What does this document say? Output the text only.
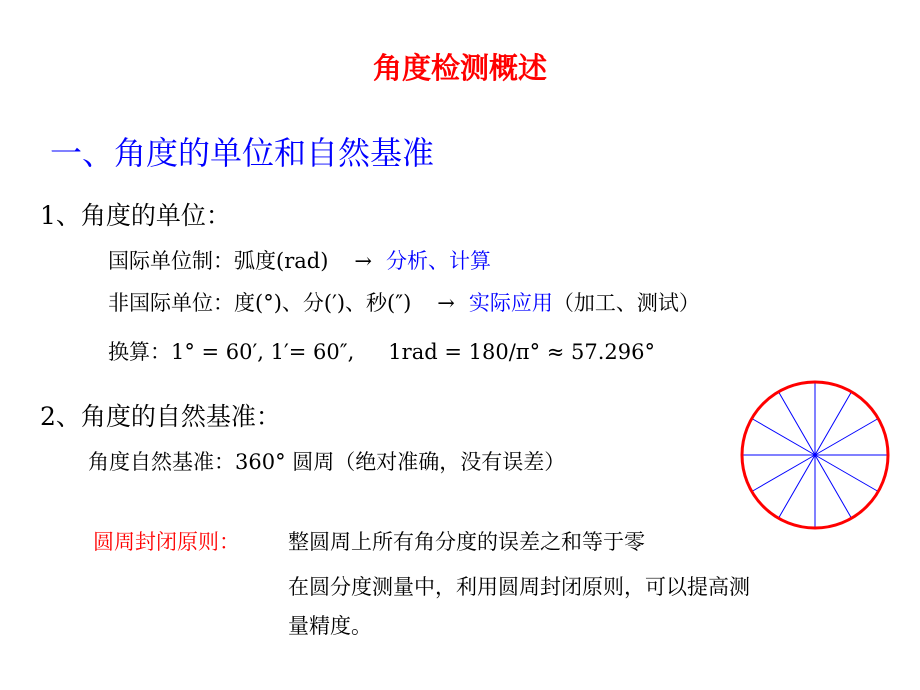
角度检测概述
一、角度的单位和自然基准
1、角度的单位：
国际单位制：弧度(rad) → 分析、计算
非国际单位：度(°)、分(′)、秒(″) → 实际应用（加工、测试）
换算：1° = 60′, 1′= 60″, 1rad = 180/π° ≈ 57.296°
2、角度的自然基准：
角度自然基准：360° 圆周（绝对准确，没有误差）
圆周封闭原则： 整圆周上所有角分度的误差之和等于零
在圆分度测量中，利用圆周封闭原则，可以提高测
量精度。
